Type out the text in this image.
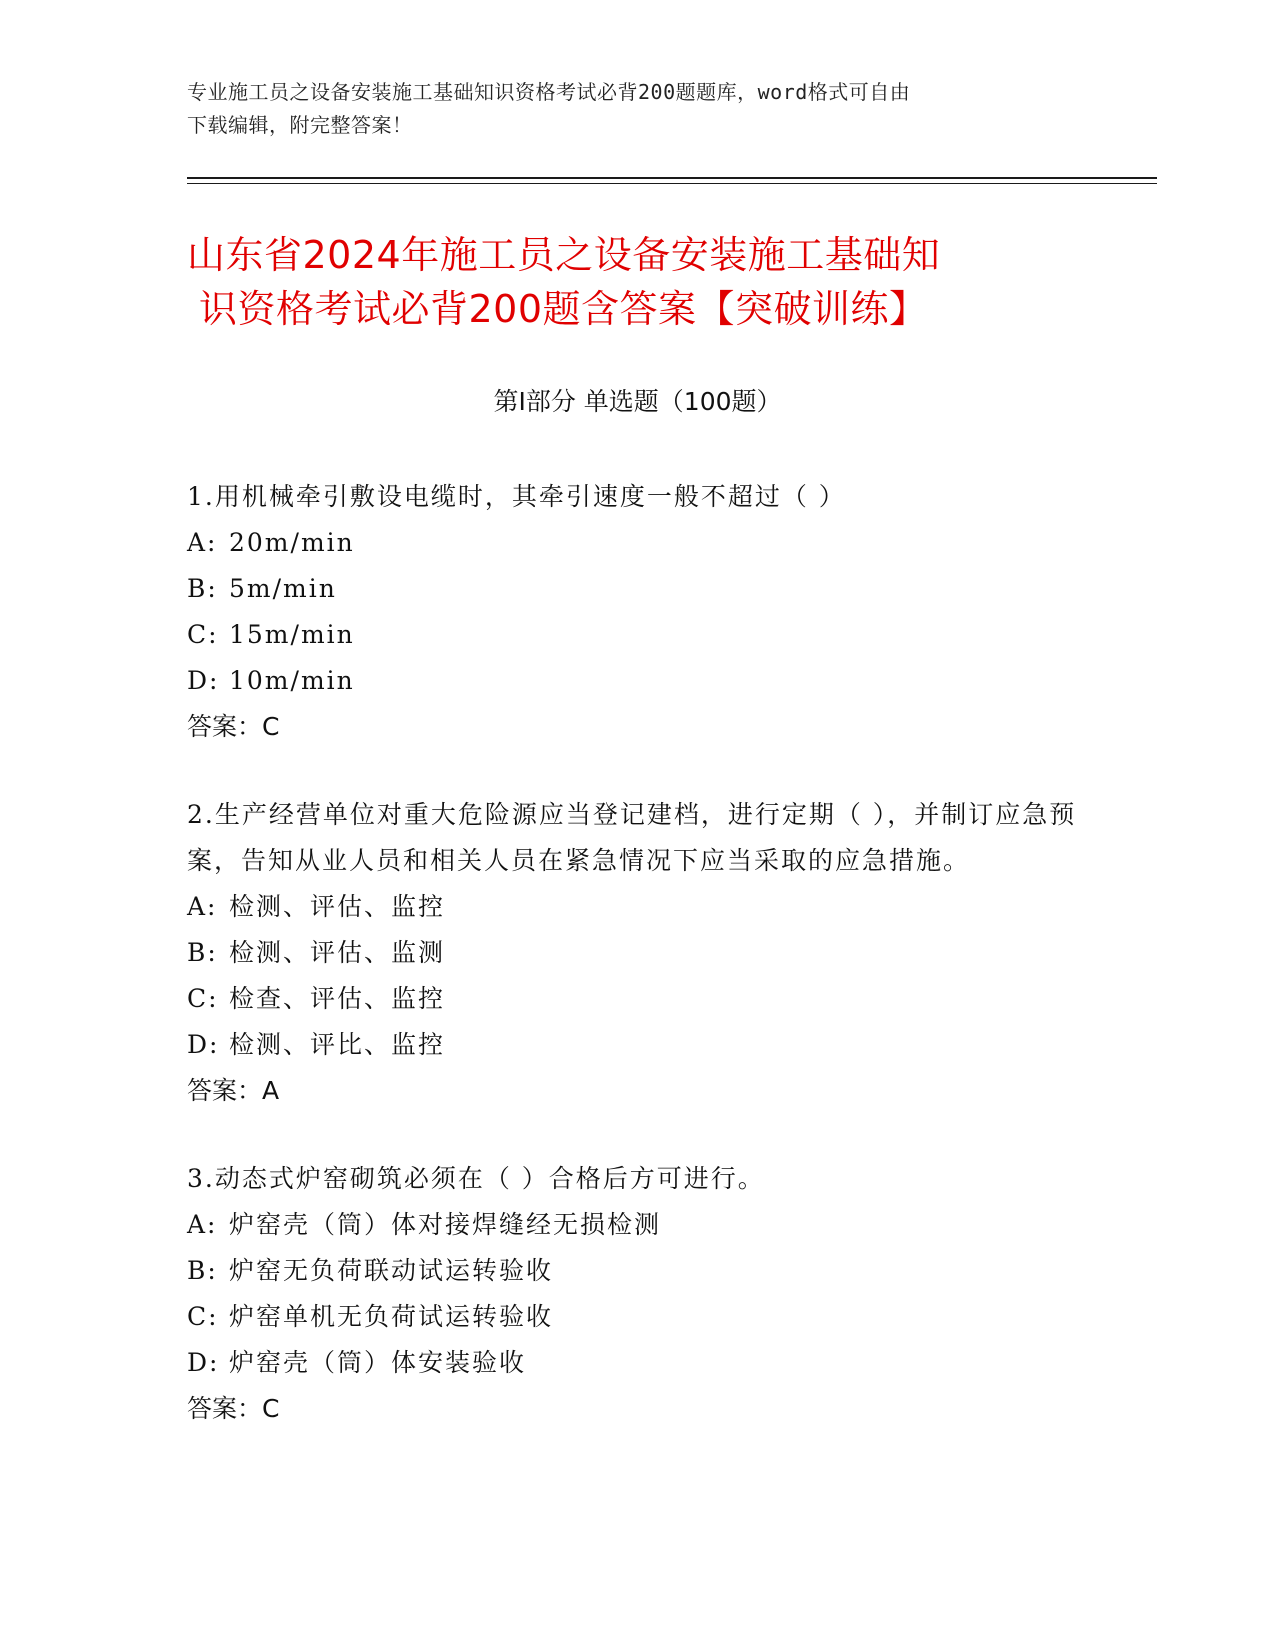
专业施工员之设备安装施工基础知识资格考试必背200题题库，word格式可自由
下载编辑，附完整答案！
山东省2024年施工员之设备安装施工基础知
识资格考试必背200题含答案【突破训练】
第Ⅰ部分 单选题（100题）

1.用机械牵引敷设电缆时，其牵引速度一般不超过（ ）

A: 20m/min

B: 5m/min

C: 15m/min

D: 10m/min

答案：C

2.生产经营单位对重大危险源应当登记建档，进行定期（ ），并制订应急预案，告知从业人员和相关人员在紧急情况下应当采取的应急措施。

A: 检测、评估、监控

B: 检测、评估、监测

C: 检查、评估、监控

D: 检测、评比、监控

答案：A

3.动态式炉窑砌筑必须在（ ）合格后方可进行。

A: 炉窑壳（筒）体对接焊缝经无损检测

B: 炉窑无负荷联动试运转验收

C: 炉窑单机无负荷试运转验收

D: 炉窑壳（筒）体安装验收

答案：C
